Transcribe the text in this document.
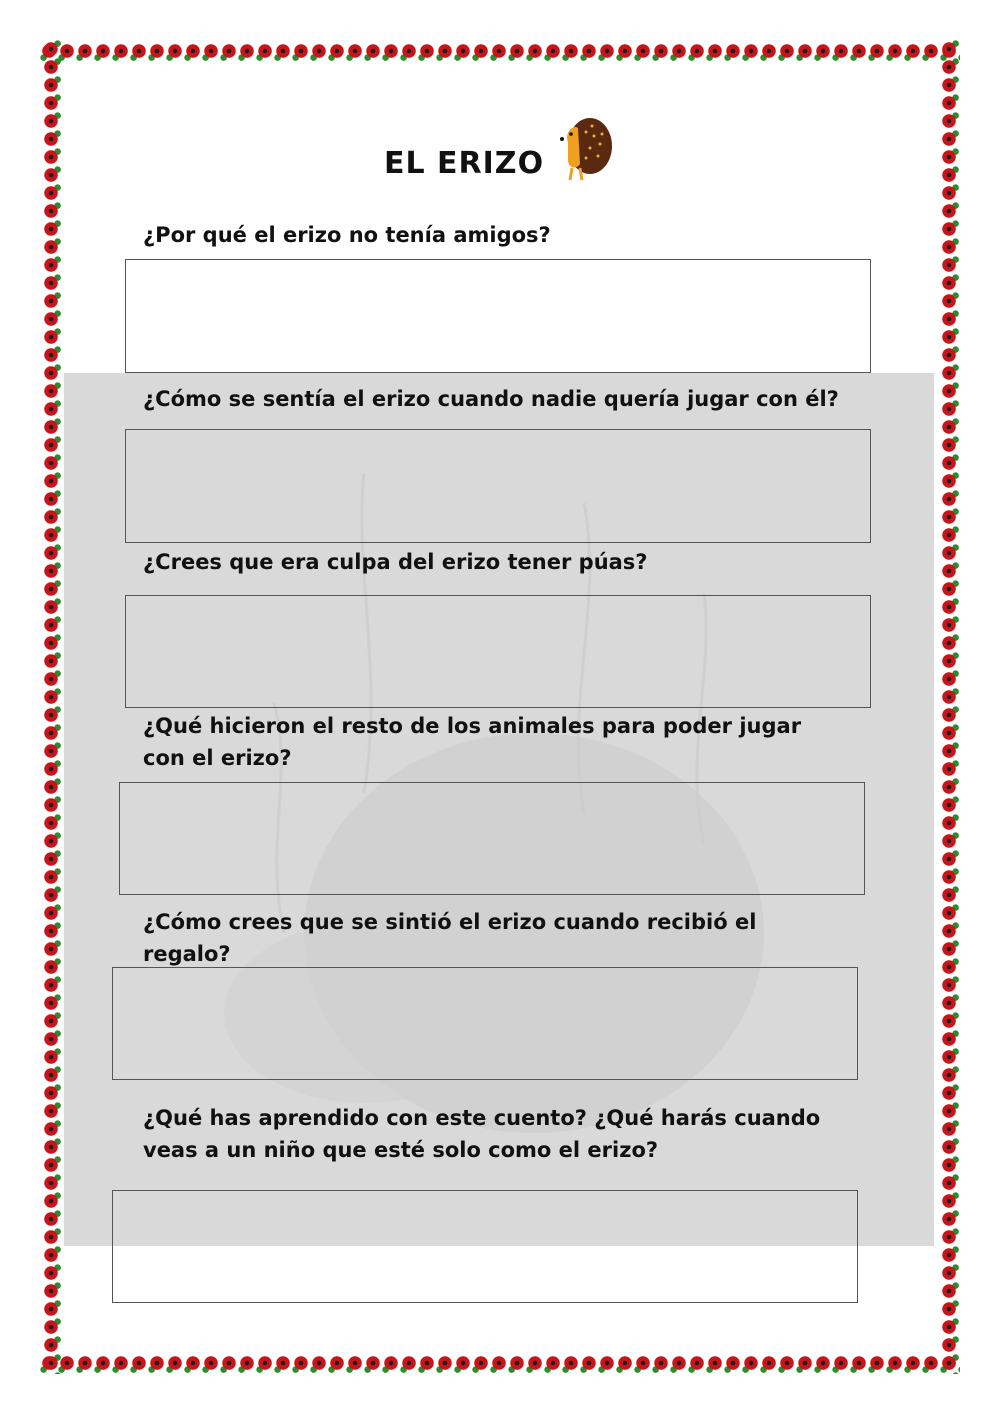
EL ERIZO
¿Por qué el erizo no tenía amigos?
¿Cómo se sentía el erizo cuando nadie quería jugar con él?
¿Crees que era culpa del erizo tener púas?
¿Qué hicieron el resto de los animales para poder jugar con el erizo?
¿Cómo crees que se sintió el erizo cuando recibió el regalo?
¿Qué has aprendido con este cuento? ¿Qué harás cuando veas a un niño que esté solo como el erizo?
